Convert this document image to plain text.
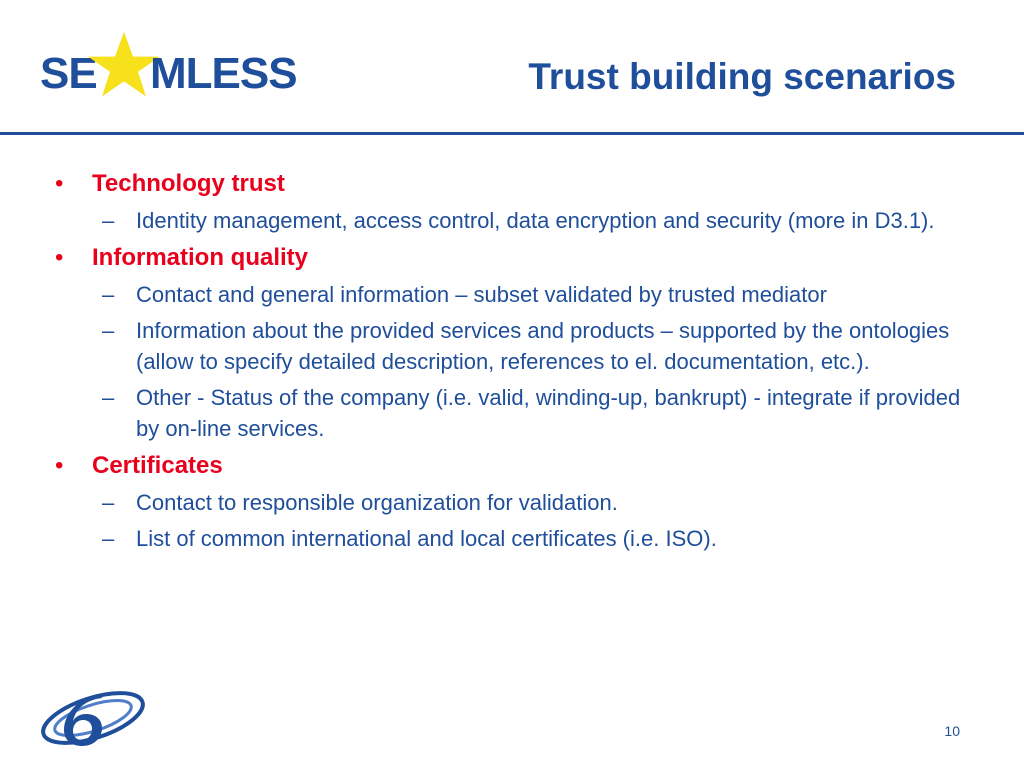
SE MLESS	Trust building scenarios
• Technology trust
– Identity management, access control, data encryption and security (more in D3.1).
• Information quality
– Contact and general information – subset validated by trusted mediator
– Information about the provided services and products – supported by the ontologies (allow to specify detailed description, references to el. documentation, etc.).
– Other - Status of the company (i.e. valid, winding-up, bankrupt) - integrate if provided by on-line services.
• Certificates
– Contact to responsible organization for validation.
– List of common international and local certificates (i.e. ISO).
10
